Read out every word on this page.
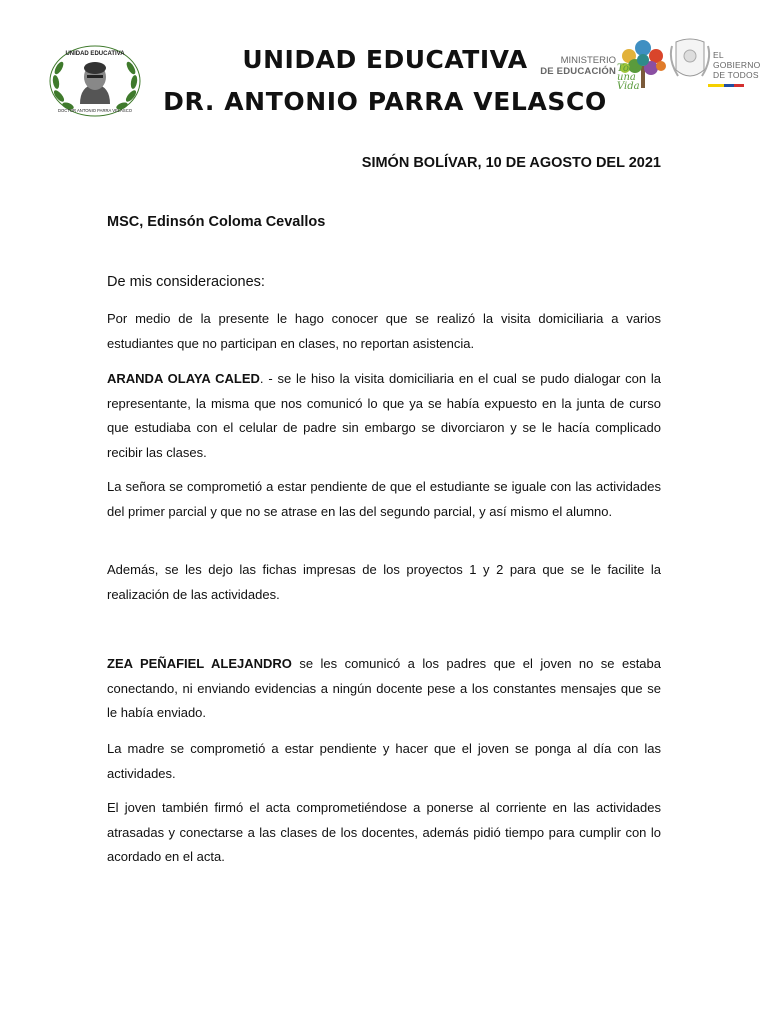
UNIDAD EDUCATIVA
DOCTOR ANTONIO PARRA VELASCO
UNIDAD EDUCATIVA
DR. ANTONIO PARRA VELASCO
MINISTERIO
DE EDUCACIÓN Toda
una
Vida
EL
GOBIERNO
DE TODOS
SIMÓN BOLÍVAR, 10 DE AGOSTO DEL 2021
MSC, Edinsón Coloma Cevallos
De mis consideraciones:

Por medio de la presente le hago conocer que se realizó la visita domiciliaria a varios estudiantes que no participan en clases, no reportan asistencia.

ARANDA OLAYA CALED. - se le hiso la visita domiciliaria en el cual se pudo dialogar con la representante, la misma que nos comunicó lo que ya se había expuesto en la junta de curso que estudiaba con el celular de padre sin embargo se divorciaron y se le hacía complicado recibir las clases.

La señora se comprometió a estar pendiente de que el estudiante se iguale con las actividades del primer parcial y que no se atrase en las del segundo parcial, y así mismo el alumno.

Además, se les dejo las fichas impresas de los proyectos 1 y 2 para que se le facilite la realización de las actividades.

ZEA PEÑAFIEL ALEJANDRO se les comunicó a los padres que el joven no se estaba conectando, ni enviando evidencias a ningún docente pese a los constantes mensajes que se le había enviado.

La madre se comprometió a estar pendiente y hacer que el joven se ponga al día con las actividades.

El joven también firmó el acta comprometiéndose a ponerse al corriente en las actividades atrasadas y conectarse a las clases de los docentes, además pidió tiempo para cumplir con lo acordado en el acta.
